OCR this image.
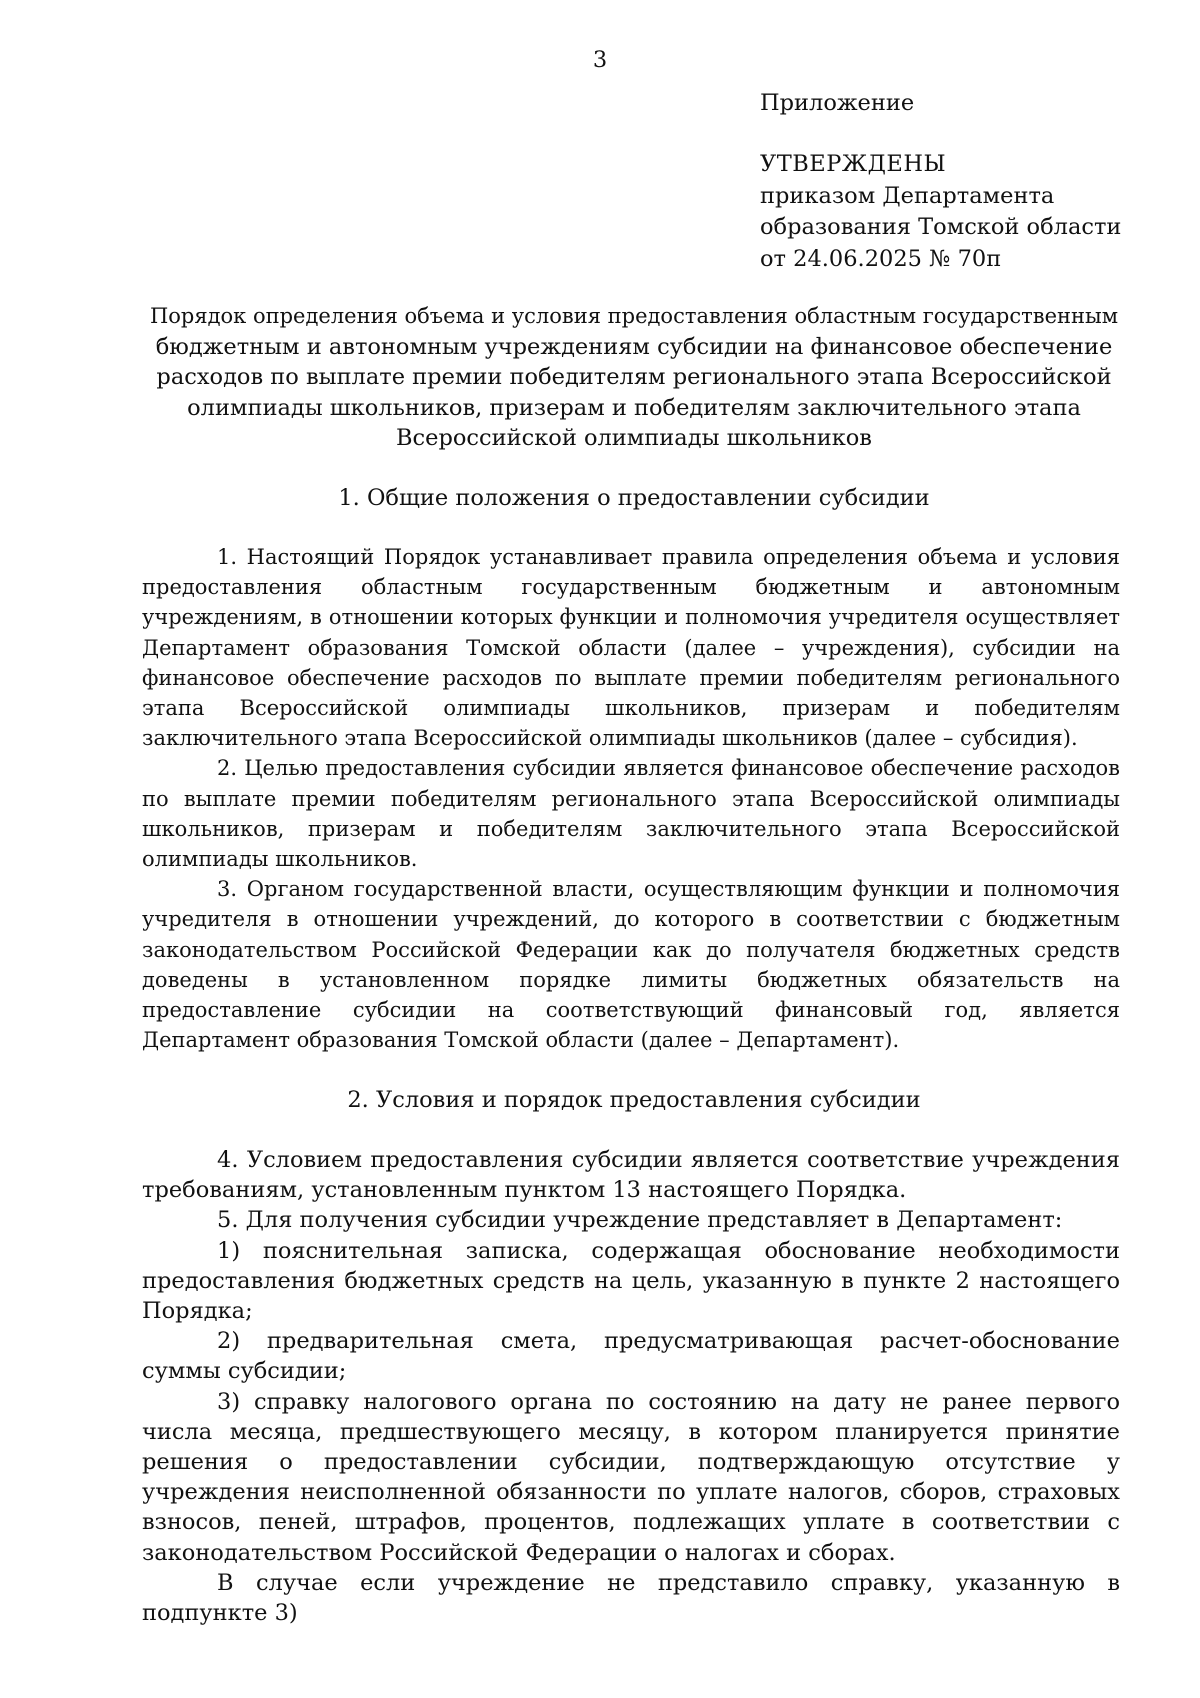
3
Приложение
УТВЕРЖДЕНЫ
приказом Департамента
образования Томской области
от 24.06.2025 № 70п
Порядок определения объема и условия предоставления областным государственным
бюджетным и автономным учреждениям субсидии на финансовое обеспечение
расходов по выплате премии победителям регионального этапа Всероссийской
олимпиады школьников, призерам и победителям заключительного этапа
Всероссийской олимпиады школьников
1. Общие положения о предоставлении субсидии

1. Настоящий Порядок устанавливает правила определения объема и условия предоставления областным государственным бюджетным и автономным учреждениям, в отношении которых функции и полномочия учредителя осуществляет Департамент образования Томской области (далее – учреждения), субсидии на финансовое обеспечение расходов по выплате премии победителям регионального этапа Всероссийской олимпиады школьников, призерам и победителям заключительного этапа Всероссийской олимпиады школьников (далее – субсидия).

2. Целью предоставления субсидии является финансовое обеспечение расходов по выплате премии победителям регионального этапа Всероссийской олимпиады школьников, призерам и победителям заключительного этапа Всероссийской олимпиады школьников.

3. Органом государственной власти, осуществляющим функции и полномочия учредителя в отношении учреждений, до которого в соответствии с бюджетным законодательством Российской Федерации как до получателя бюджетных средств доведены в установленном порядке лимиты бюджетных обязательств на предоставление субсидии на соответствующий финансовый год, является Департамент образования Томской области (далее – Департамент).

2. Условия и порядок предоставления субсидии

4. Условием предоставления субсидии является соответствие учреждения требованиям, установленным пунктом 13 настоящего Порядка.

5. Для получения субсидии учреждение представляет в Департамент:

1) пояснительная записка, содержащая обоснование необходимости предоставления бюджетных средств на цель, указанную в пункте 2 настоящего Порядка;

2) предварительная смета, предусматривающая расчет-обоснование суммы субсидии;

3) справку налогового органа по состоянию на дату не ранее первого числа месяца, предшествующего месяцу, в котором планируется принятие решения о предоставлении субсидии, подтверждающую отсутствие у учреждения неисполненной обязанности по уплате налогов, сборов, страховых взносов, пеней, штрафов, процентов, подлежащих уплате в соответствии с законодательством Российской Федерации о налогах и сборах.

В случае если учреждение не представило справку, указанную в подпункте 3)
